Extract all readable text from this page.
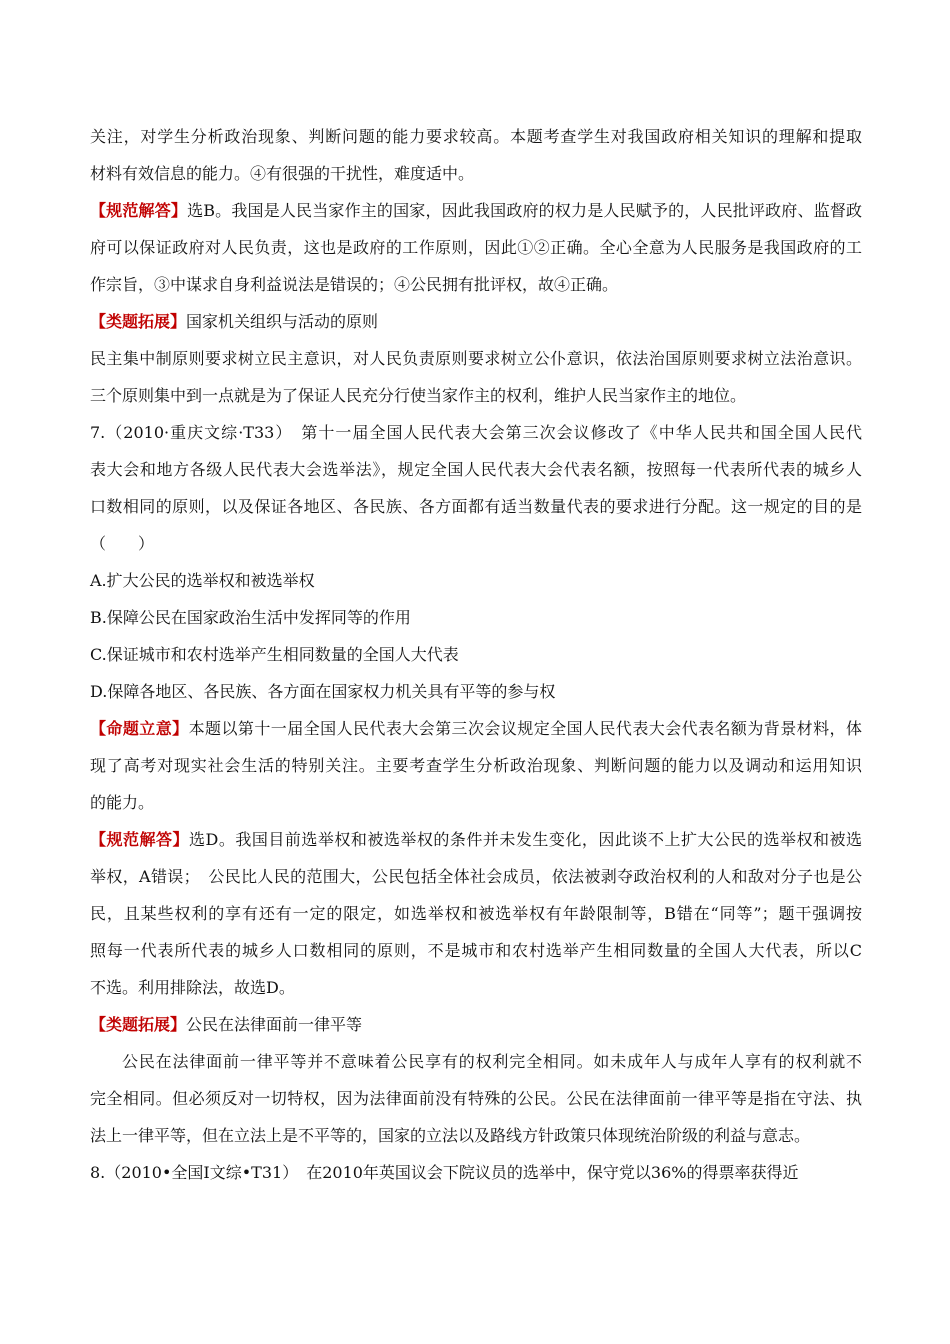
关注，对学生分析政治现象、判断问题的能力要求较高。本题考查学生对我国政府相关知识的理解和提取
材料有效信息的能力。④有很强的干扰性，难度适中。
【规范解答】选B。我国是人民当家作主的国家，因此我国政府的权力是人民赋予的，人民批评政府、监督政
府可以保证政府对人民负责，这也是政府的工作原则，因此①②正确。全心全意为人民服务是我国政府的工
作宗旨，③中谋求自身利益说法是错误的；④公民拥有批评权，故④正确。
【类题拓展】国家机关组织与活动的原则
民主集中制原则要求树立民主意识，对人民负责原则要求树立公仆意识，依法治国原则要求树立法治意识。
三个原则集中到一点就是为了保证人民充分行使当家作主的权利，维护人民当家作主的地位。
7.（2010·重庆文综·T33）　第十一届全国人民代表大会第三次会议修改了《中华人民共和国全国人民代
表大会和地方各级人民代表大会选举法》，规定全国人民代表大会代表名额，按照每一代表所代表的城乡人
口数相同的原则，以及保证各地区、各民族、各方面都有适当数量代表的要求进行分配。这一规定的目的是
（　　）
A.扩大公民的选举权和被选举权
B.保障公民在国家政治生活中发挥同等的作用
C.保证城市和农村选举产生相同数量的全国人大代表
D.保障各地区、各民族、各方面在国家权力机关具有平等的参与权
【命题立意】本题以第十一届全国人民代表大会第三次会议规定全国人民代表大会代表名额为背景材料，体
现了高考对现实社会生活的特别关注。主要考查学生分析政治现象、判断问题的能力以及调动和运用知识
的能力。
【规范解答】选D。我国目前选举权和被选举权的条件并未发生变化，因此谈不上扩大公民的选举权和被选
举权，A错误；　公民比人民的范围大，公民包括全体社会成员，依法被剥夺政治权利的人和敌对分子也是公
民，且某些权利的享有还有一定的限定，如选举权和被选举权有年龄限制等，B错在“同等”；题干强调按
照每一代表所代表的城乡人口数相同的原则，不是城市和农村选举产生相同数量的全国人大代表，所以C
不选。利用排除法，故选D。
【类题拓展】公民在法律面前一律平等
公民在法律面前一律平等并不意味着公民享有的权利完全相同。如未成年人与成年人享有的权利就不
完全相同。但必须反对一切特权，因为法律面前没有特殊的公民。公民在法律面前一律平等是指在守法、执
法上一律平等，但在立法上是不平等的，国家的立法以及路线方针政策只体现统治阶级的利益与意志。
8.（2010•全国Ⅰ文综•T31）　在2010年英国议会下院议员的选举中，保守党以36%的得票率获得近
